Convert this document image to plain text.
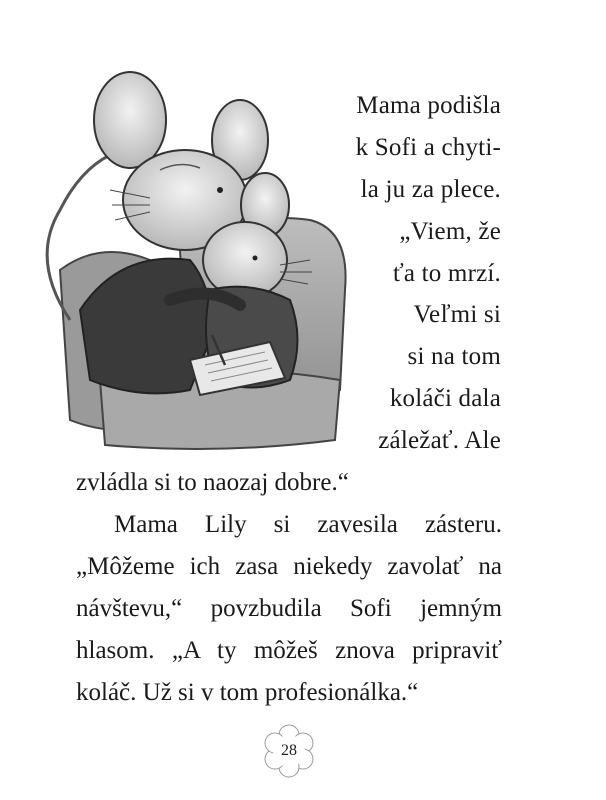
Mama podišla
k Sofi a chyti-
la ju za plece.
„Viem, že
ťa to mrzí.
Veľmi si
si na tom
koláči dala
záležať. Ale
zvládla si to naozaj dobre.“
Mama Lily si zavesila zásteru.
„Môžeme ich zasa niekedy zavolať na
návštevu,“ povzbudila Sofi jemným
hlasom. „A ty môžeš znova pripraviť
koláč. Už si v tom profesionálka.“
28
